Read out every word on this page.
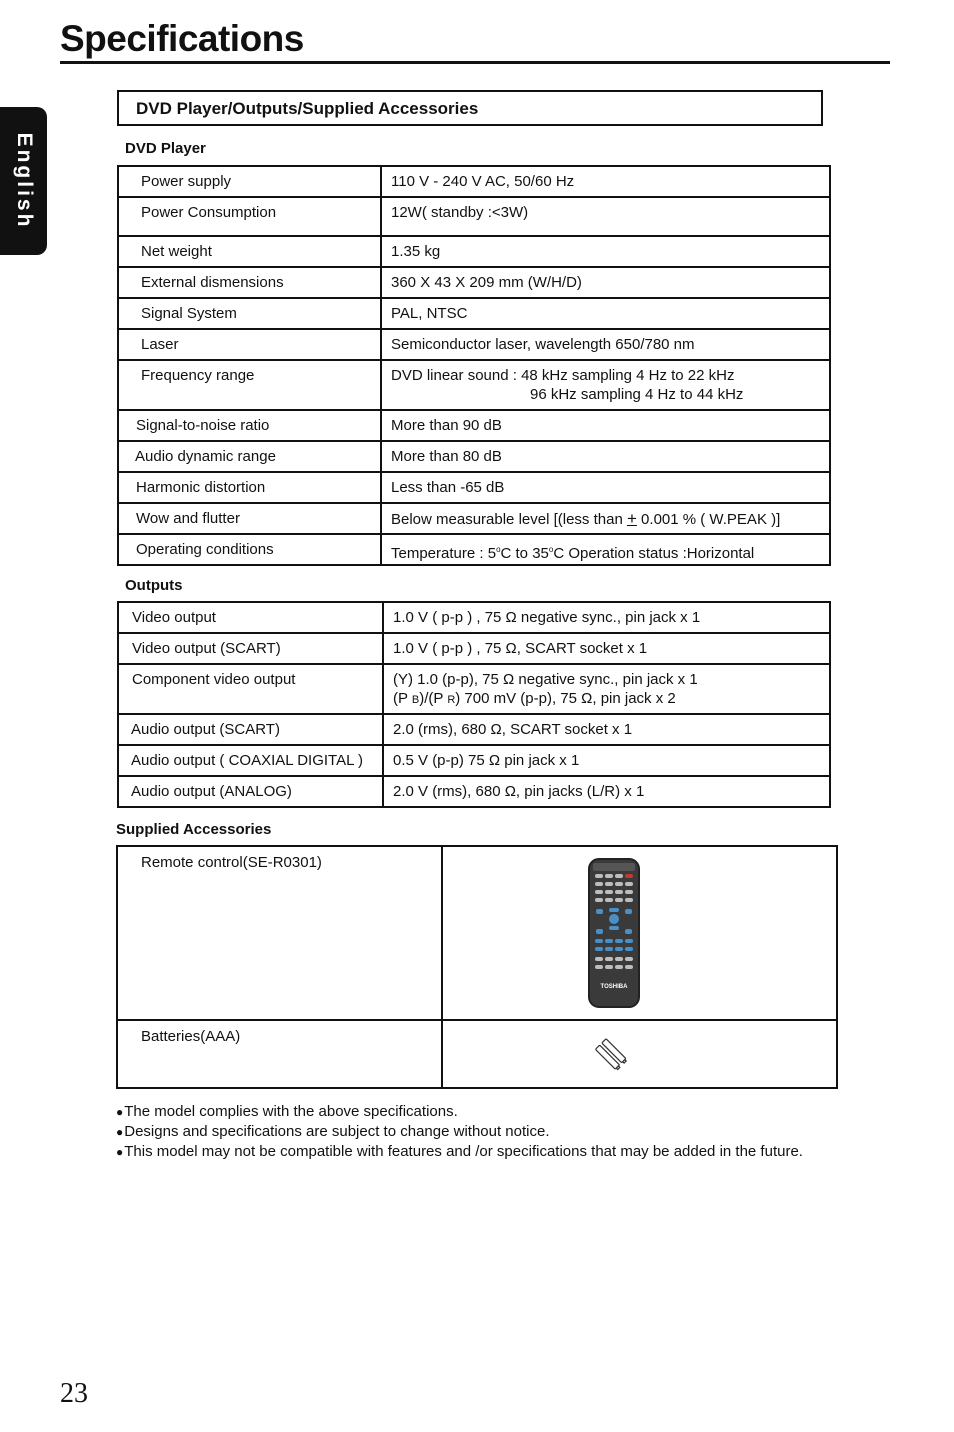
Specifications
English
DVD Player/Outputs/Supplied Accessories
DVD Player
Power supply	110 V - 240 V AC, 50/60 Hz

Power Consumption	12W( standby :<3W)

Net weight	1.35 kg

External dismensions	360 X 43 X 209 mm (W/H/D)

Signal System	PAL, NTSC

Laser	Semiconductor laser, wavelength 650/780 nm

Frequency range	DVD linear sound : 48 kHz sampling 4 Hz to 22 kHz
96 kHz sampling 4 Hz to 44 kHz

Signal-to-noise ratio	More than 90 dB

Audio dynamic range	More than 80 dB

Harmonic distortion	Less than -65 dB

Wow and flutter	Below measurable level [(less than + 0.001 % ( W.PEAK )]

Operating conditions	Temperature : 5$^o$C to 35$^o$C Operation status :Horizontal
Outputs
Video output	1.0 V ( p-p ) , 75 Ω negative sync., pin jack x 1

Video output (SCART)	1.0 V ( p-p ) , 75 Ω, SCART socket x 1

Component video output	(Y) 1.0 (p-p), 75 Ω negative sync., pin jack x 1
(P B)/(P R) 700 mV (p-p), 75 Ω, pin jack x 2

Audio output (SCART)	2.0 (rms), 680 Ω, SCART socket x 1

Audio output ( COAXIAL DIGITAL )	0.5 V (p-p) 75 Ω pin jack x 1

Audio output (ANALOG)	2.0 V (rms), 680 Ω, pin jacks (L/R) x 1
Supplied Accessories
Remote control(SE-R0301)	TOSHIBA

Batteries(AAA)

●The model complies with the above specifications.
●Designs and specifications are subject to change without notice.
●This model may not be compatible with features and /or specifications that may be added in the future.
23
